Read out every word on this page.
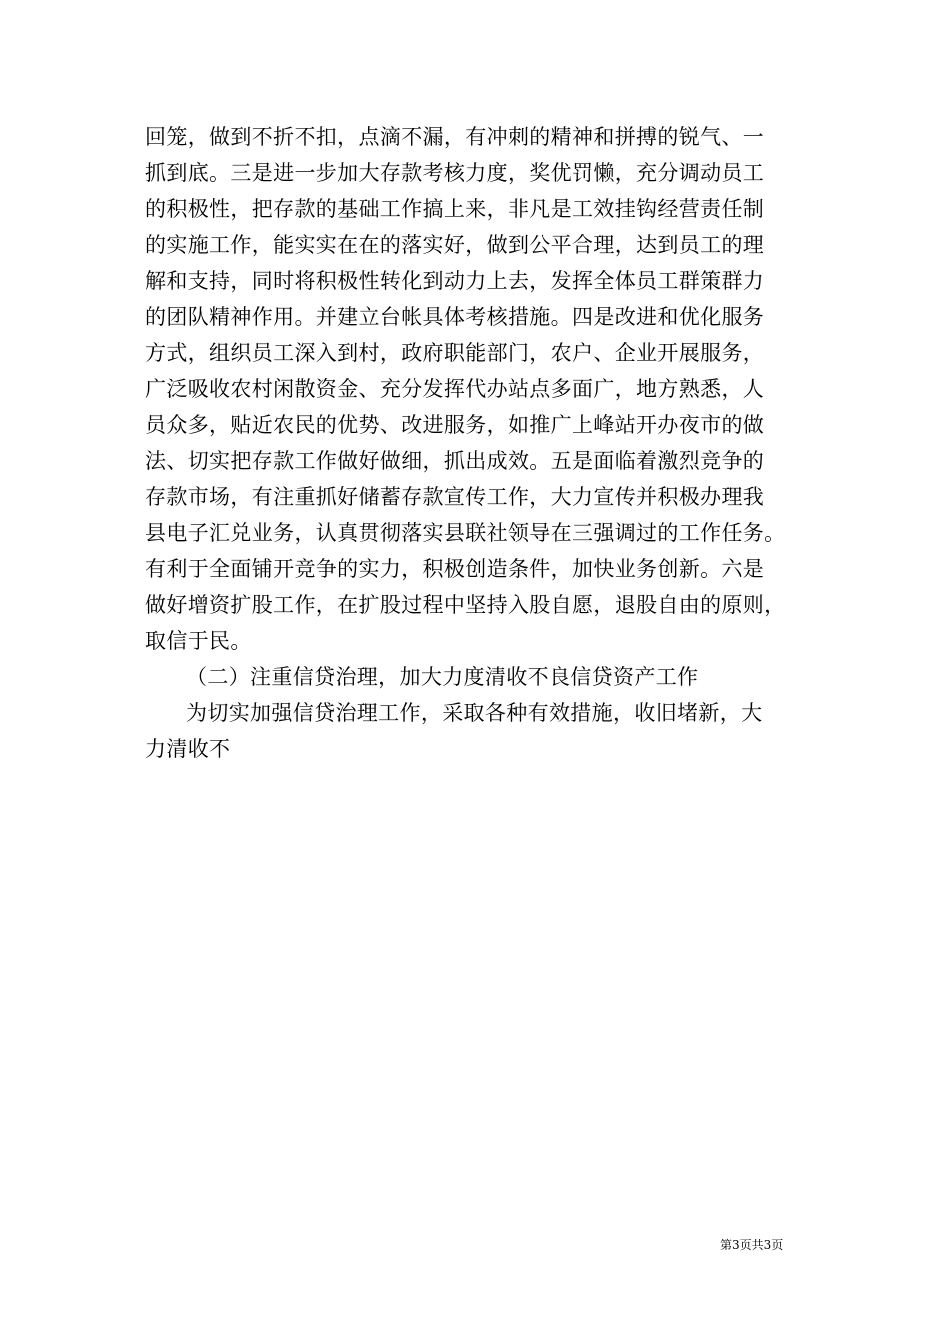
回笼，做到不折不扣，点滴不漏，有冲刺的精神和拼搏的锐气、一
抓到底。三是进一步加大存款考核力度，奖优罚懒，充分调动员工
的积极性，把存款的基础工作搞上来，非凡是工效挂钩经营责任制
的实施工作，能实实在在的落实好，做到公平合理，达到员工的理
解和支持，同时将积极性转化到动力上去，发挥全体员工群策群力
的团队精神作用。并建立台帐具体考核措施。四是改进和优化服务
方式，组织员工深入到村，政府职能部门，农户、企业开展服务，
广泛吸收农村闲散资金、充分发挥代办站点多面广，地方熟悉，人
员众多，贴近农民的优势、改进服务，如推广上峰站开办夜市的做
法、切实把存款工作做好做细，抓出成效。五是面临着激烈竞争的
存款市场，有注重抓好储蓄存款宣传工作，大力宣传并积极办理我
县电子汇兑业务，认真贯彻落实县联社领导在三强调过的工作任务。
有利于全面铺开竞争的实力，积极创造条件，加快业务创新。六是
做好增资扩股工作，在扩股过程中坚持入股自愿，退股自由的原则，
取信于民。
（二）注重信贷治理，加大力度清收不良信贷资产工作
为切实加强信贷治理工作，采取各种有效措施，收旧堵新，大
力清收不
第3页共3页
